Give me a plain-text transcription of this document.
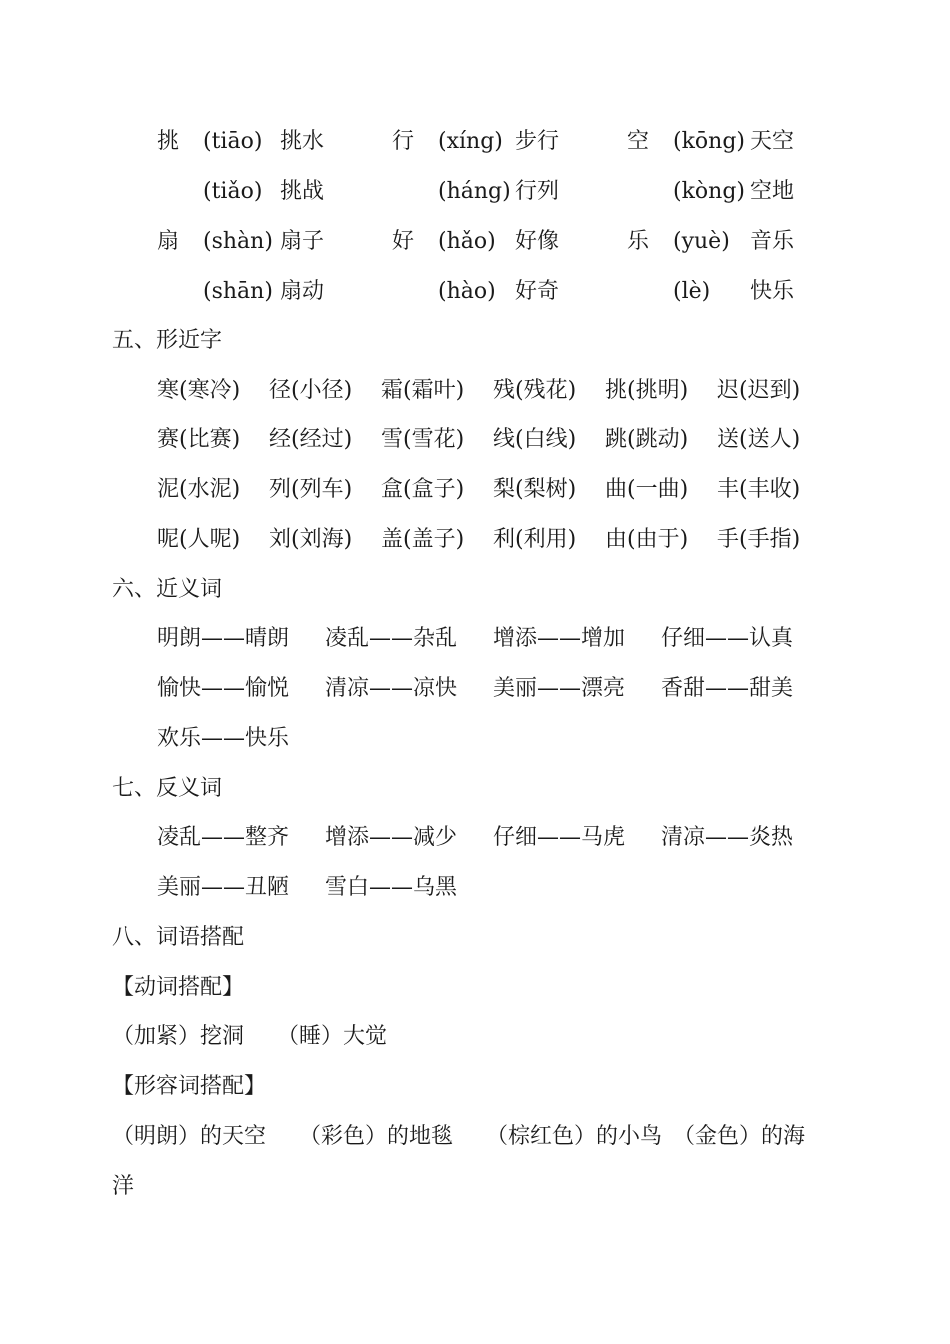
挑 (tiāo) 挑水
(tiǎo) 挑战
行 (xíng) 步行
(háng) 行列
空 (kōng) 天空
(kòng) 空地
扇 (shàn) 扇子
(shān) 扇动
好 (hǎo) 好像
(hào) 好奇
乐 (yuè) 音乐
(lè) 快乐
五、形近字
寒(寒冷) 径(小径) 霜(霜叶) 残(残花) 挑(挑明) 迟(迟到)
赛(比赛) 经(经过) 雪(雪花) 线(白线) 跳(跳动) 送(送人)
泥(水泥) 列(列车) 盒(盒子) 梨(梨树) 曲(一曲) 丰(丰收)
呢(人呢) 刘(刘海) 盖(盖子) 利(利用) 由(由于) 手(手指)
六、近义词
明朗——晴朗 凌乱——杂乱 增添——增加 仔细——认真
愉快——愉悦 清凉——凉快 美丽——漂亮 香甜——甜美
欢乐——快乐
七、反义词
凌乱——整齐 增添——减少 仔细——马虎 清凉——炎热
美丽——丑陋 雪白——乌黑
八、词语搭配
【动词搭配】
（加紧）挖洞　　（睡）大觉
【形容词搭配】
（明朗）的天空　　（彩色）的地毯　　（棕红色）的小鸟　（金色）的海
洋
